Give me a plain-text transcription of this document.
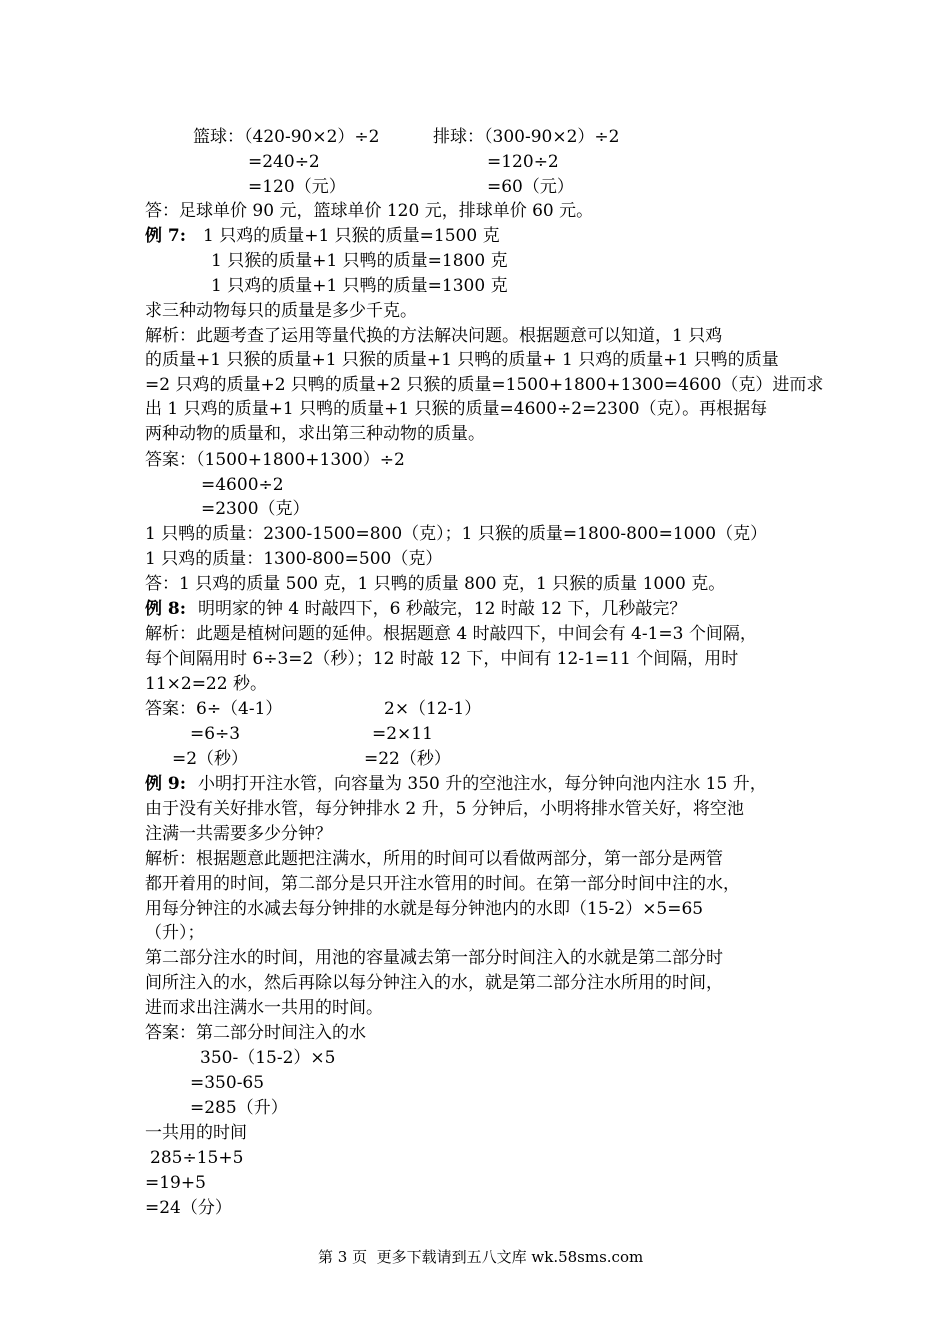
篮球：（420-90×2）÷2	排球：（300-90×2）÷2
=240÷2	=120÷2
=120（元）	=60（元）
答：足球单价 90 元，篮球单价 120 元，排球单价 60 元。
例 7: 1 只鸡的质量+1 只猴的质量=1500 克
1 只猴的质量+1 只鸭的质量=1800 克
1 只鸡的质量+1 只鸭的质量=1300 克
求三种动物每只的质量是多少千克。
解析：此题考查了运用等量代换的方法解决问题。根据题意可以知道，1 只鸡
的质量+1 只猴的质量+1 只猴的质量+1 只鸭的质量+ 1 只鸡的质量+1 只鸭的质量
=2 只鸡的质量+2 只鸭的质量+2 只猴的质量=1500+1800+1300=4600（克）进而求
出 1 只鸡的质量+1 只鸭的质量+1 只猴的质量=4600÷2=2300（克）。再根据每
两种动物的质量和，求出第三种动物的质量。
答案：（1500+1800+1300）÷2
=4600÷2
=2300（克）
1 只鸭的质量：2300-1500=800（克）；1 只猴的质量=1800-800=1000（克）
1 只鸡的质量：1300-800=500（克）
答：1 只鸡的质量 500 克，1 只鸭的质量 800 克，1 只猴的质量 1000 克。
例 8: 明明家的钟 4 时敲四下，6 秒敲完，12 时敲 12 下，几秒敲完？
解析：此题是植树问题的延伸。根据题意 4 时敲四下，中间会有 4-1=3 个间隔，
每个间隔用时 6÷3=2（秒）；12 时敲 12 下，中间有 12-1=11 个间隔，用时
11×2=22 秒。
答案：6÷（4-1）	2×（12-1）
=6÷3	=2×11
=2（秒）	=22（秒）
例 9: 小明打开注水管，向容量为 350 升的空池注水，每分钟向池内注水 15 升，
由于没有关好排水管，每分钟排水 2 升，5 分钟后，小明将排水管关好，将空池
注满一共需要多少分钟？
解析：根据题意此题把注满水，所用的时间可以看做两部分，第一部分是两管
都开着用的时间，第二部分是只开注水管用的时间。在第一部分时间中注的水，
用每分钟注的水减去每分钟排的水就是每分钟池内的水即（15-2）×5=65
（升）；
第二部分注水的时间，用池的容量减去第一部分时间注入的水就是第二部分时
间所注入的水，然后再除以每分钟注入的水，就是第二部分注水所用的时间，
进而求出注满水一共用的时间。
答案：第二部分时间注入的水
350-（15-2）×5
=350-65
=285（升）
一共用的时间
285÷15+5
=19+5
=24（分）
第 3 页  更多下载请到五八文库 wk.58sms.com
